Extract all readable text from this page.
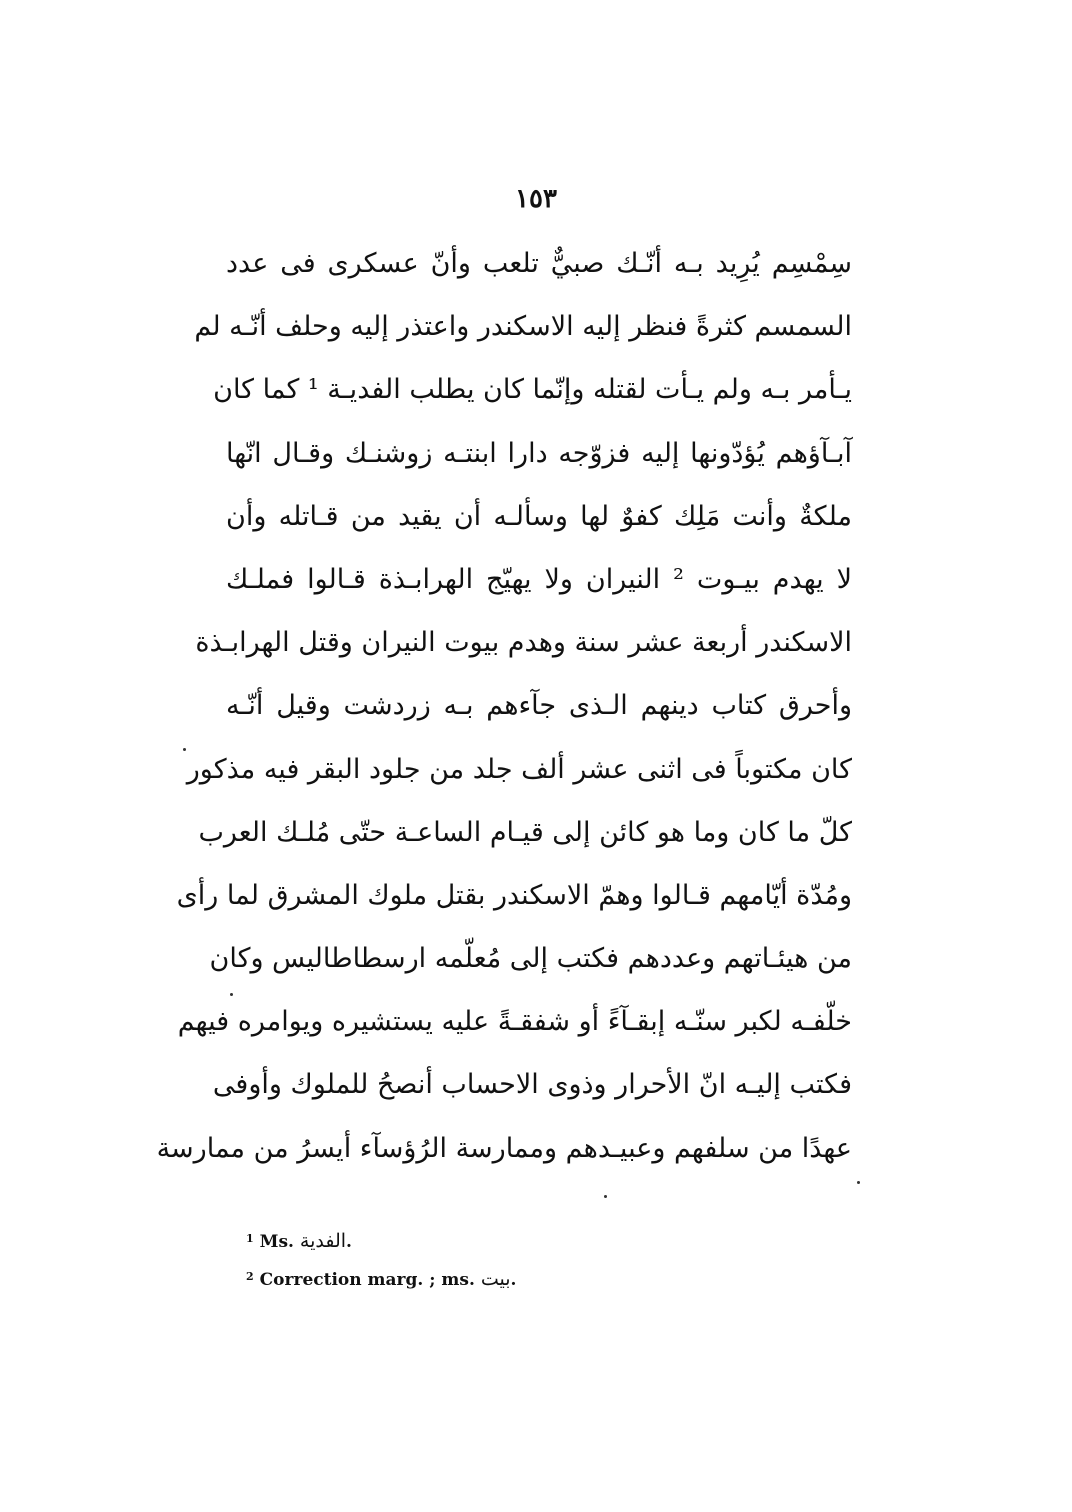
١٥٣
سِمْسِم يُرِيد بـه أنّـك صبيٌّ تلعب وأنّ عسكرى فى عدد
السمسم كثرةً فنظر إليه الاسكندر واعتذر إليه وحلف أنّـه لم
يـأمر بـه ولم يـأت لقتله وإنّما كان يطلب الفديـة ¹ كما كان
آبـآؤهم يُؤدّونها إليه فزوّجه دارا ابنتـه زوشنـك وقـال انّها
ملكةٌ وأنت مَلِك كفوٌ لها وسألـه أن يقيد من قـاتله وأن
لا يهدم بيـوت ² النيران ولا يهيّج الهرابـذة قـالوا فملـك
الاسكندر أربعة عشر سنة وهدم بيوت النيران وقتل الهرابـذة
وأحرق كتاب دينهم الـذى جآءهم بـه زردشت وقيل أنّـه
كان مكتوباً فى اثنى عشر ألف جلد من جلود البقر فيه مذكور
كلّ ما كان وما هو كائن إلى قيـام الساعـة حتّى مُلـك العرب
ومُدّة أيّامهم قـالوا وهمّ الاسكندر بقتل ملوك المشرق لما رأى
من هيئـاتهم وعددهم فكتب إلى مُعلّمه ارسطاطاليس وكان
خلّفـه لكبر سنّـه إبقـآءً أو شفقـةً عليه يستشيره ويوامره فيهم
فكتب إليـه انّ الأحرار وذوى الاحساب أنصحُ للملوك وأوفى
عهدًا من سلفهم وعبيـدهم وممارسة الرُؤسآء أيسرُ من ممارسة
$^1$ Ms. الفدية.
$^2$ Correction marg. ; ms. بيت.
